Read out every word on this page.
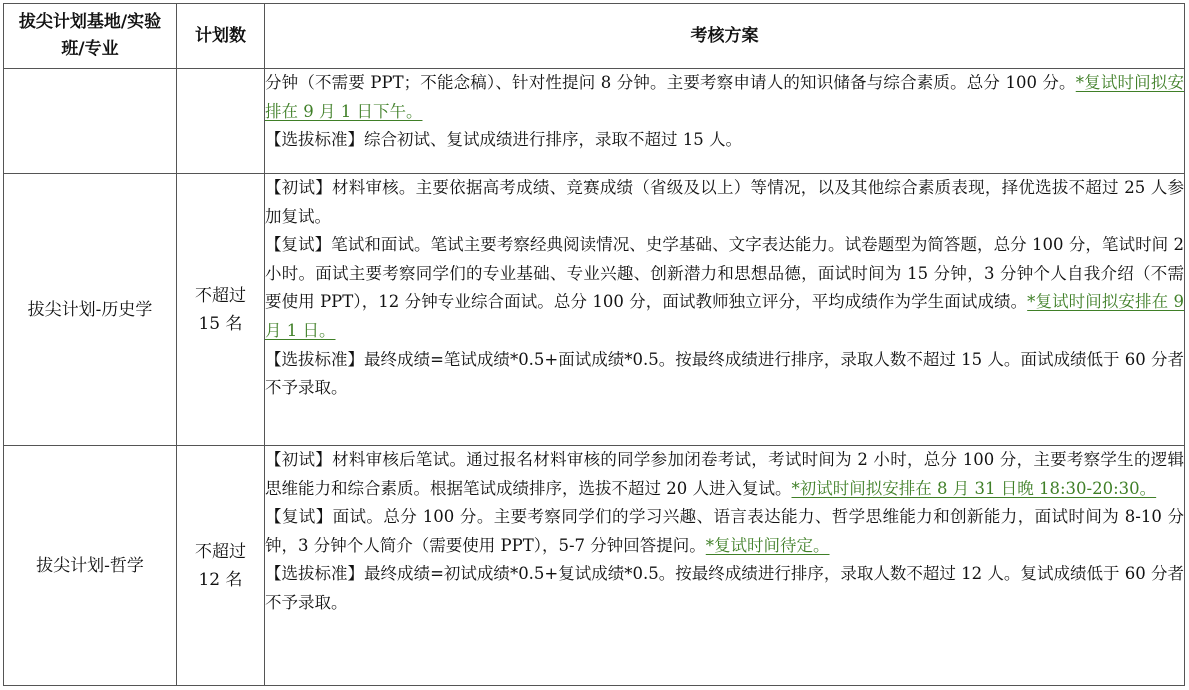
拔尖计划基地/实验班/专业	计划数	考核方案

		分钟（不需要 PPT；不能念稿）、针对性提问 8 分钟。主要考察申请人的知识储备与综合素质。总分 100 分。*复试时间拟安排在 9 月 1 日下午。
【选拔标准】综合初试、复试成绩进行排序，录取不超过 15 人。

拔尖计划-历史学	不超过 15 名	【初试】材料审核。主要依据高考成绩、竞赛成绩（省级及以上）等情况，以及其他综合素质表现，择优选拔不超过 25 人参加复试。
【复试】笔试和面试。笔试主要考察经典阅读情况、史学基础、文字表达能力。试卷题型为简答题，总分 100 分，笔试时间 2 小时。面试主要考察同学们的专业基础、专业兴趣、创新潜力和思想品德，面试时间为 15 分钟，3 分钟个人自我介绍（不需要使用 PPT），12 分钟专业综合面试。总分 100 分，面试教师独立评分，平均成绩作为学生面试成绩。*复试时间拟安排在 9 月 1 日。
【选拔标准】最终成绩=笔试成绩*0.5+面试成绩*0.5。按最终成绩进行排序，录取人数不超过 15 人。面试成绩低于 60 分者不予录取。

拔尖计划-哲学	不超过 12 名	【初试】材料审核后笔试。通过报名材料审核的同学参加闭卷考试，考试时间为 2 小时，总分 100 分，主要考察学生的逻辑思维能力和综合素质。根据笔试成绩排序，选拔不超过 20 人进入复试。*初试时间拟安排在 8 月 31 日晚 18:30-20:30。
【复试】面试。总分 100 分。主要考察同学们的学习兴趣、语言表达能力、哲学思维能力和创新能力，面试时间为 8-10 分钟，3 分钟个人简介（需要使用 PPT），5-7 分钟回答提问。*复试时间待定。
【选拔标准】最终成绩=初试成绩*0.5+复试成绩*0.5。按最终成绩进行排序，录取人数不超过 12 人。复试成绩低于 60 分者不予录取。
